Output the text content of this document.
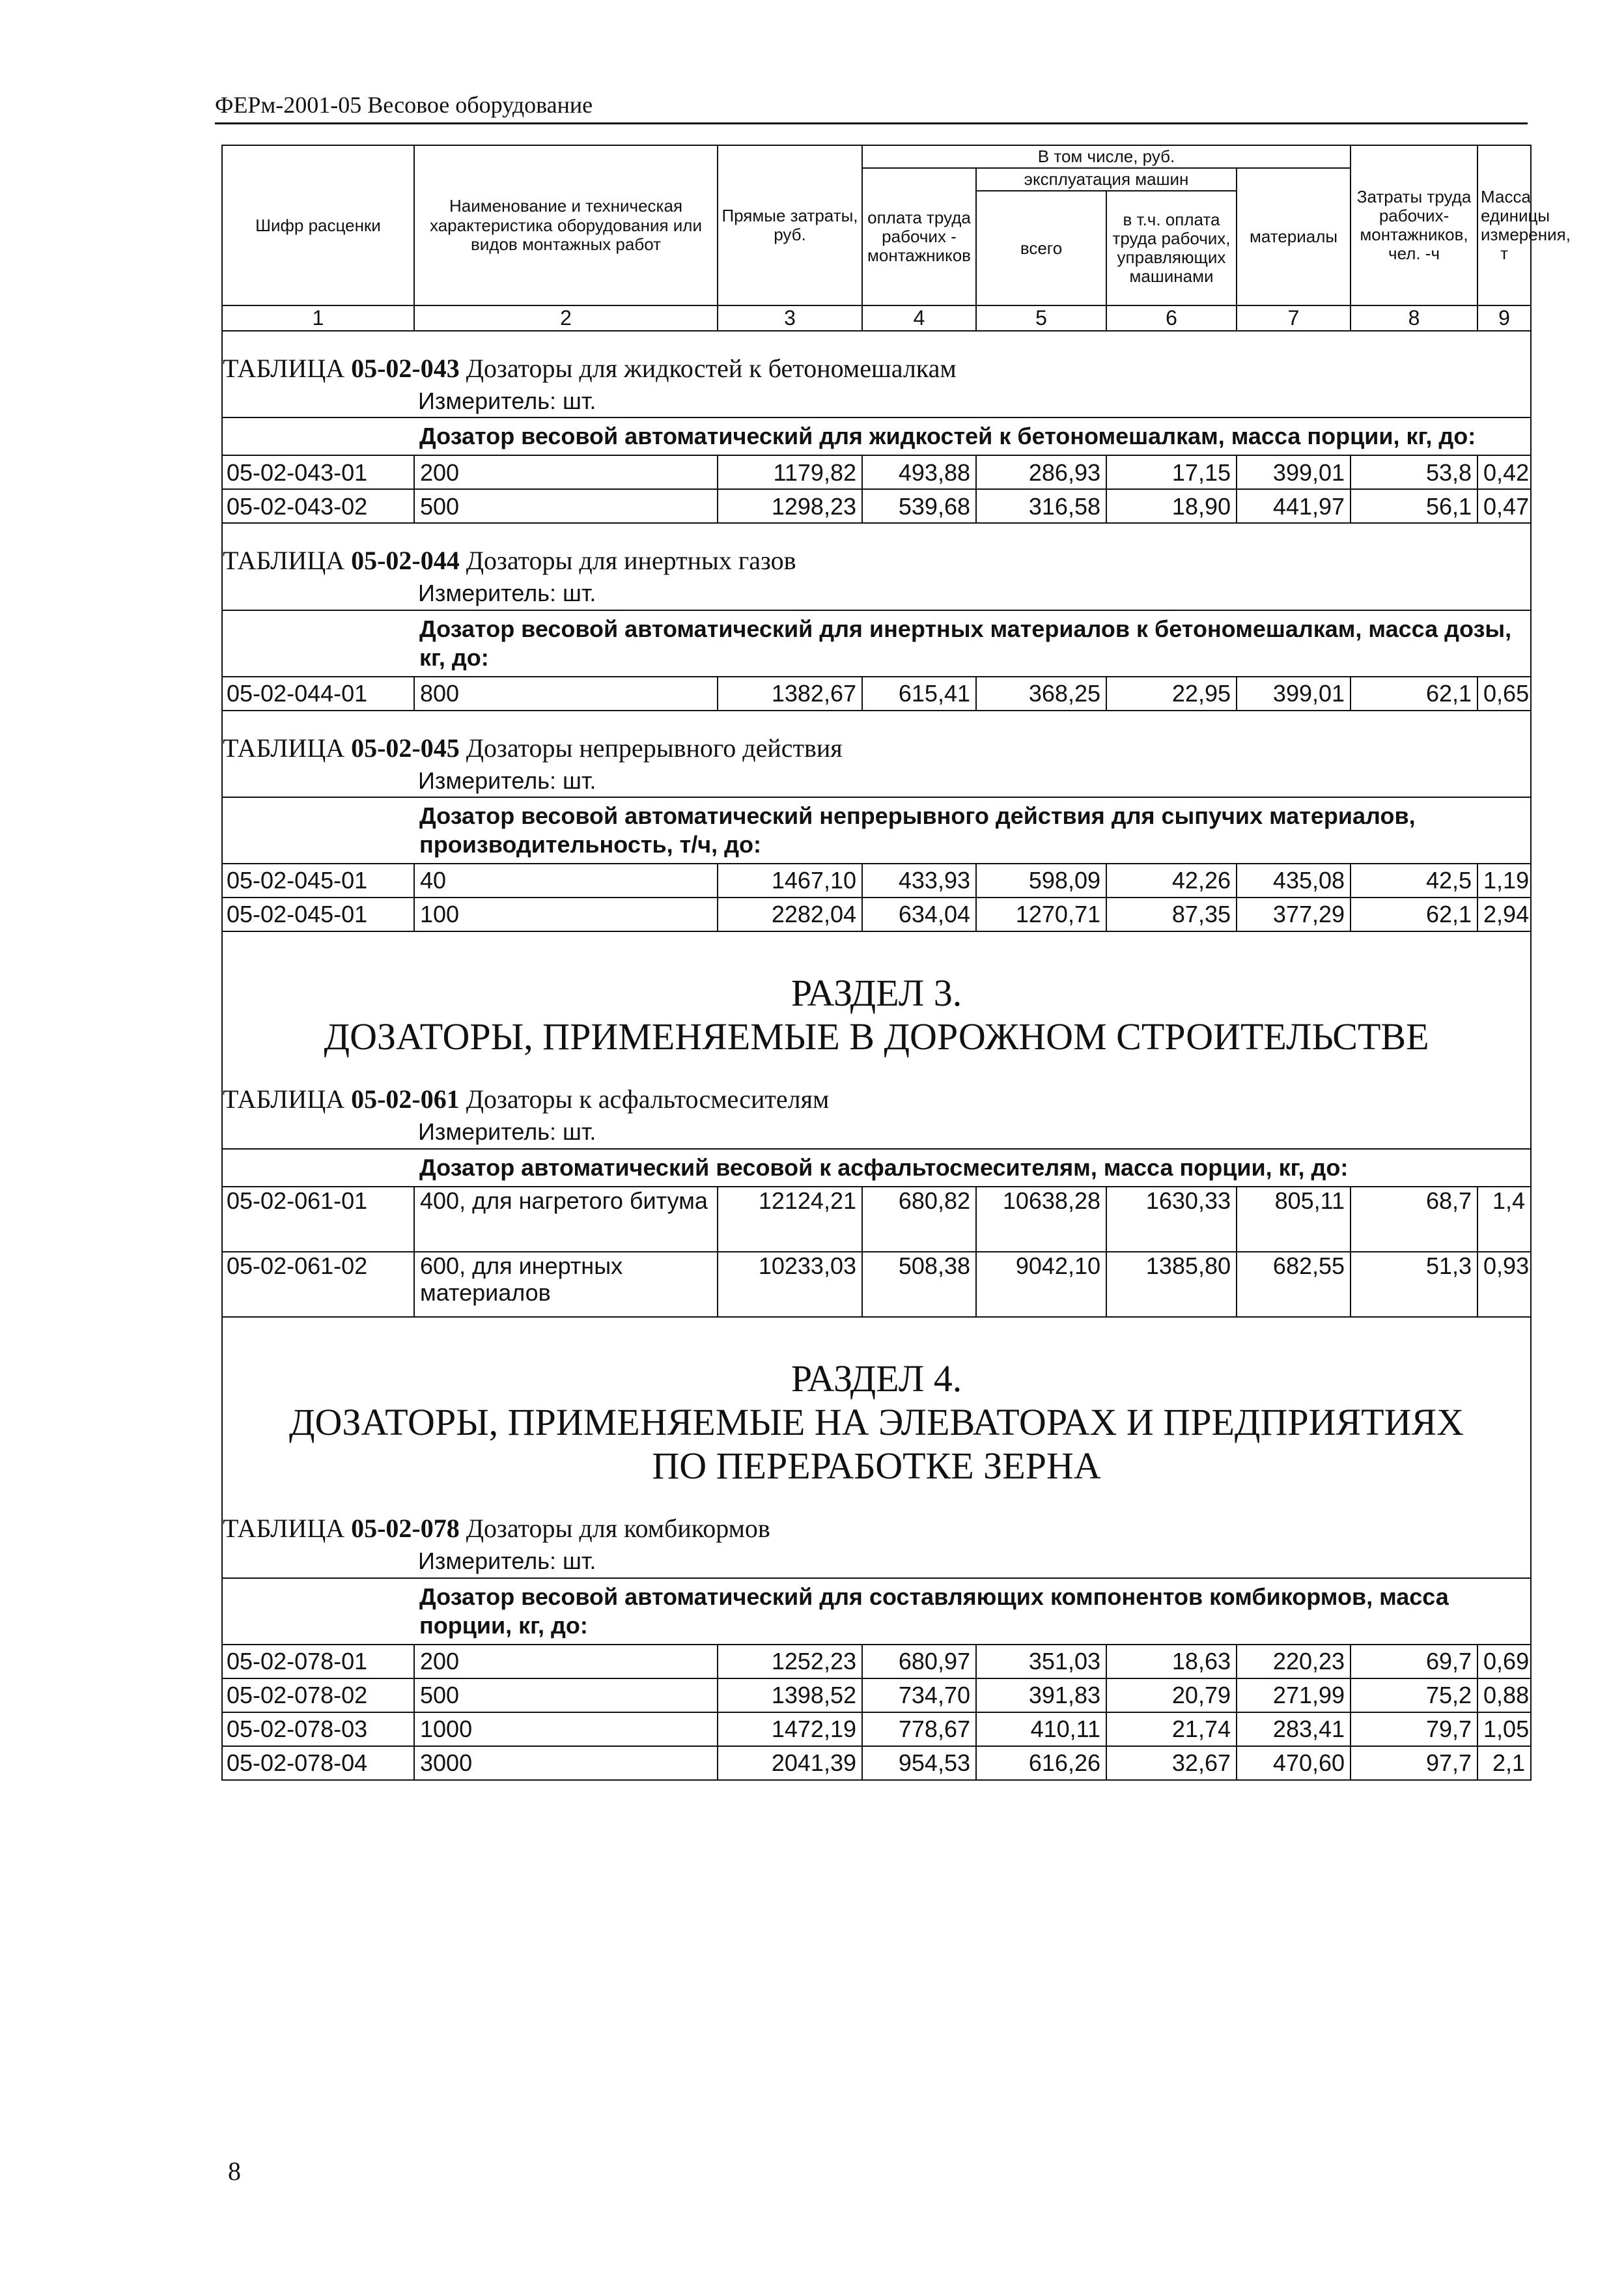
ФЕРм-2001-05 Весовое оборудование
Шифр расценки	Наименование и техническая характеристика оборудования или видов монтажных работ	Прямые затраты, руб.	В том числе, руб.				Затраты труда рабочих-монтажников, чел. -ч	Масса единицы измерения, т
			оплата труда рабочих - монтажников	эксплуатация машин		материалы		
				всего	в т.ч. оплата труда рабочих, управляющих машинами			
1	2	3	4	5	6	7	8	9
ТАБЛИЦА 05-02-043 Дозаторы для жидкостей к бетономешалкам								
Измеритель: шт.								
	Дозатор весовой автоматический для жидкостей к бетономешалкам, масса порции, кг, до:							
05-02-043-01	200	1179,82	493,88	286,93	17,15	399,01	53,8	0,42
05-02-043-02	500	1298,23	539,68	316,58	18,90	441,97	56,1	0,47
ТАБЛИЦА 05-02-044 Дозаторы для инертных газов								
Измеритель: шт.								
	Дозатор весовой автоматический для инертных материалов к бетономешалкам, масса дозы, кг, до:							
05-02-044-01	800	1382,67	615,41	368,25	22,95	399,01	62,1	0,65
ТАБЛИЦА 05-02-045 Дозаторы непрерывного действия								
Измеритель: шт.								
	Дозатор весовой автоматический непрерывного действия для сыпучих материалов, производительность, т/ч, до:							
05-02-045-01	40	1467,10	433,93	598,09	42,26	435,08	42,5	1,19
05-02-045-01	100	2282,04	634,04	1270,71	87,35	377,29	62,1	2,94

РАЗДЕЛ 3.
ДОЗАТОРЫ, ПРИМЕНЯЕМЫЕ В ДОРОЖНОМ СТРОИТЕЛЬСТВЕ								

ТАБЛИЦА 05-02-061 Дозаторы к асфальтосмесителям								
Измеритель: шт.								
	Дозатор автоматический весовой к асфальтосмесителям, масса порции, кг, до:							
05-02-061-01	400, для нагретого битума	12124,21	680,82	10638,28	1630,33	805,11	68,7	1,4
05-02-061-02	600, для инертных материалов	10233,03	508,38	9042,10	1385,80	682,55	51,3	0,93

РАЗДЕЛ 4.
ДОЗАТОРЫ, ПРИМЕНЯЕМЫЕ НА ЭЛЕВАТОРАХ И ПРЕДПРИЯТИЯХ
ПО ПЕРЕРАБОТКЕ ЗЕРНА								

ТАБЛИЦА 05-02-078 Дозаторы для комбикормов								
Измеритель: шт.								
	Дозатор весовой автоматический для составляющих компонентов комбикормов, масса порции, кг, до:							
05-02-078-01	200	1252,23	680,97	351,03	18,63	220,23	69,7	0,69
05-02-078-02	500	1398,52	734,70	391,83	20,79	271,99	75,2	0,88
05-02-078-03	1000	1472,19	778,67	410,11	21,74	283,41	79,7	1,05
05-02-078-04	3000	2041,39	954,53	616,26	32,67	470,60	97,7	2,1
8
